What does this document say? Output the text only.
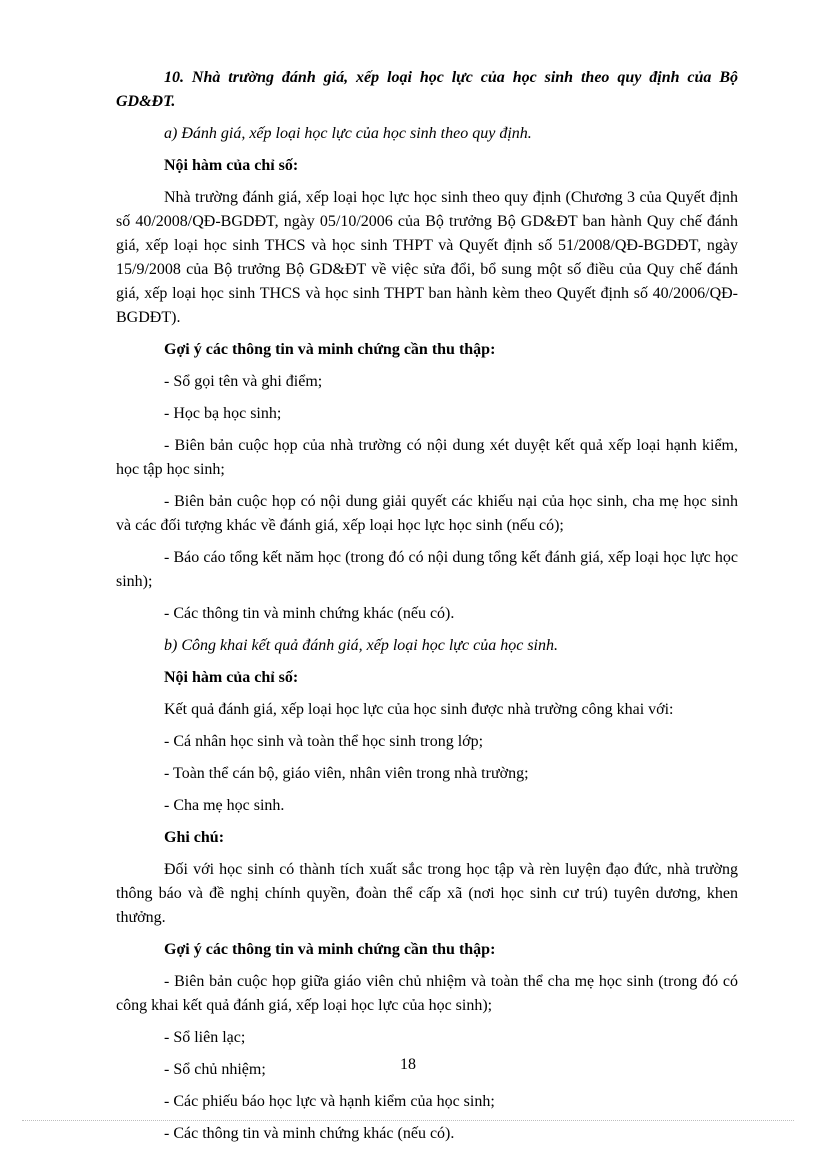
10. Nhà trường đánh giá, xếp loại học lực của học sinh theo quy định của Bộ GD&ĐT.

a) Đánh giá, xếp loại học lực của học sinh theo quy định.

Nội hàm của chỉ số:

Nhà trường đánh giá, xếp loại học lực học sinh theo quy định (Chương 3 của Quyết định số 40/2008/QĐ-BGDĐT, ngày 05/10/2006 của Bộ trưởng Bộ GD&ĐT ban hành Quy chế đánh giá, xếp loại học sinh THCS và học sinh THPT và Quyết định số 51/2008/QĐ-BGDĐT, ngày 15/9/2008 của Bộ trưởng Bộ GD&ĐT về việc sửa đổi, bổ sung một số điều của Quy chế đánh giá, xếp loại học sinh THCS và học sinh THPT ban hành kèm theo Quyết định số 40/2006/QĐ-BGDĐT).

Gợi ý các thông tin và minh chứng cần thu thập:

- Sổ gọi tên và ghi điểm;

- Học bạ học sinh;

- Biên bản cuộc họp của nhà trường có nội dung xét duyệt kết quả xếp loại hạnh kiểm, học tập học sinh;

- Biên bản cuộc họp có nội dung giải quyết các khiếu nại của học sinh, cha mẹ học sinh và các đối tượng khác về đánh giá, xếp loại học lực học sinh (nếu có);

- Báo cáo tổng kết năm học (trong đó có nội dung tổng kết đánh giá, xếp loại học lực học sinh);

- Các thông tin và minh chứng khác (nếu có).

b) Công khai kết quả đánh giá, xếp loại học lực của học sinh.

Nội hàm của chỉ số:

Kết quả đánh giá, xếp loại học lực của học sinh được nhà trường công khai với:

- Cá nhân học sinh và toàn thể học sinh trong lớp;

- Toàn thể cán bộ, giáo viên, nhân viên trong nhà trường;

- Cha mẹ học sinh.

Ghi chú:

Đối với học sinh có thành tích xuất sắc trong học tập và rèn luyện đạo đức, nhà trường thông báo và đề nghị chính quyền, đoàn thể cấp xã (nơi học sinh cư trú) tuyên dương, khen thưởng.

Gợi ý các thông tin và minh chứng cần thu thập:

- Biên bản cuộc họp giữa giáo viên chủ nhiệm và toàn thể cha mẹ học sinh (trong đó có công khai kết quả đánh giá, xếp loại học lực của học sinh);

- Sổ liên lạc;

- Sổ chủ nhiệm;

- Các phiếu báo học lực và hạnh kiểm của học sinh;

- Các thông tin và minh chứng khác (nếu có).

18
